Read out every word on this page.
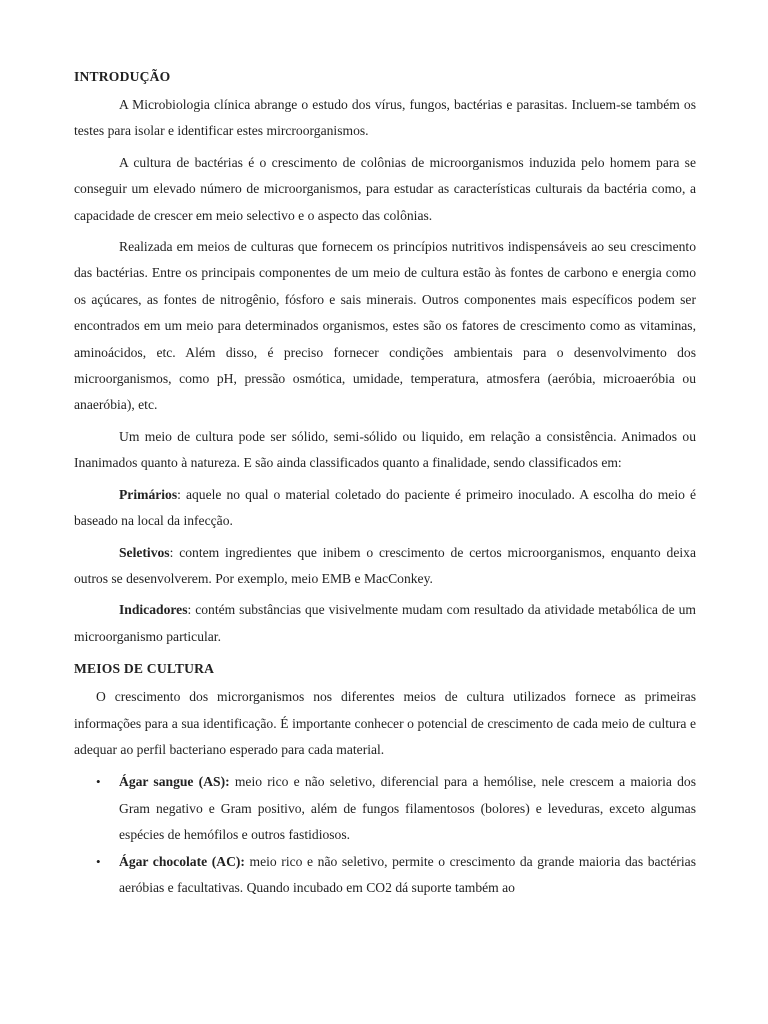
INTRODUÇÃO

A Microbiologia clínica abrange o estudo dos vírus, fungos, bactérias e parasitas. Incluem-se também os testes para isolar e identificar estes mircroorganismos.

A cultura de bactérias é o crescimento de colônias de microorganismos induzida pelo homem para se conseguir um elevado número de microorganismos, para estudar as características culturais da bactéria como, a capacidade de crescer em meio selectivo e o aspecto das colônias.

Realizada em meios de culturas que fornecem os princípios nutritivos indispensáveis ao seu crescimento das bactérias. Entre os principais componentes de um meio de cultura estão às fontes de carbono e energia como os açúcares, as fontes de nitrogênio, fósforo e sais minerais. Outros componentes mais específicos podem ser encontrados em um meio para determinados organismos, estes são os fatores de crescimento como as vitaminas, aminoácidos, etc. Além disso, é preciso fornecer condições ambientais para o desenvolvimento dos microorganismos, como pH, pressão osmótica, umidade, temperatura, atmosfera (aeróbia, microaeróbia ou anaeróbia), etc.

Um meio de cultura pode ser sólido, semi-sólido ou liquido, em relação a consistência. Animados ou Inanimados quanto à natureza. E são ainda classificados quanto a finalidade, sendo classificados em:

Primários: aquele no qual o material coletado do paciente é primeiro inoculado. A escolha do meio é baseado na local da infecção.

Seletivos: contem ingredientes que inibem o crescimento de certos microorganismos, enquanto deixa outros se desenvolverem. Por exemplo, meio EMB e MacConkey.

Indicadores: contém substâncias que visivelmente mudam com resultado da atividade metabólica de um microorganismo particular.

MEIOS DE CULTURA

O crescimento dos microrganismos nos diferentes meios de cultura utilizados fornece as primeiras informações para a sua identificação. É importante conhecer o potencial de crescimento de cada meio de cultura e adequar ao perfil bacteriano esperado para cada material.

• Ágar sangue (AS): meio rico e não seletivo, diferencial para a hemólise, nele crescem a maioria dos Gram negativo e Gram positivo, além de fungos filamentosos (bolores) e leveduras, exceto algumas espécies de hemófilos e outros fastidiosos.
• Ágar chocolate (AC): meio rico e não seletivo, permite o crescimento da grande maioria das bactérias aeróbias e facultativas. Quando incubado em CO2 dá suporte também ao
